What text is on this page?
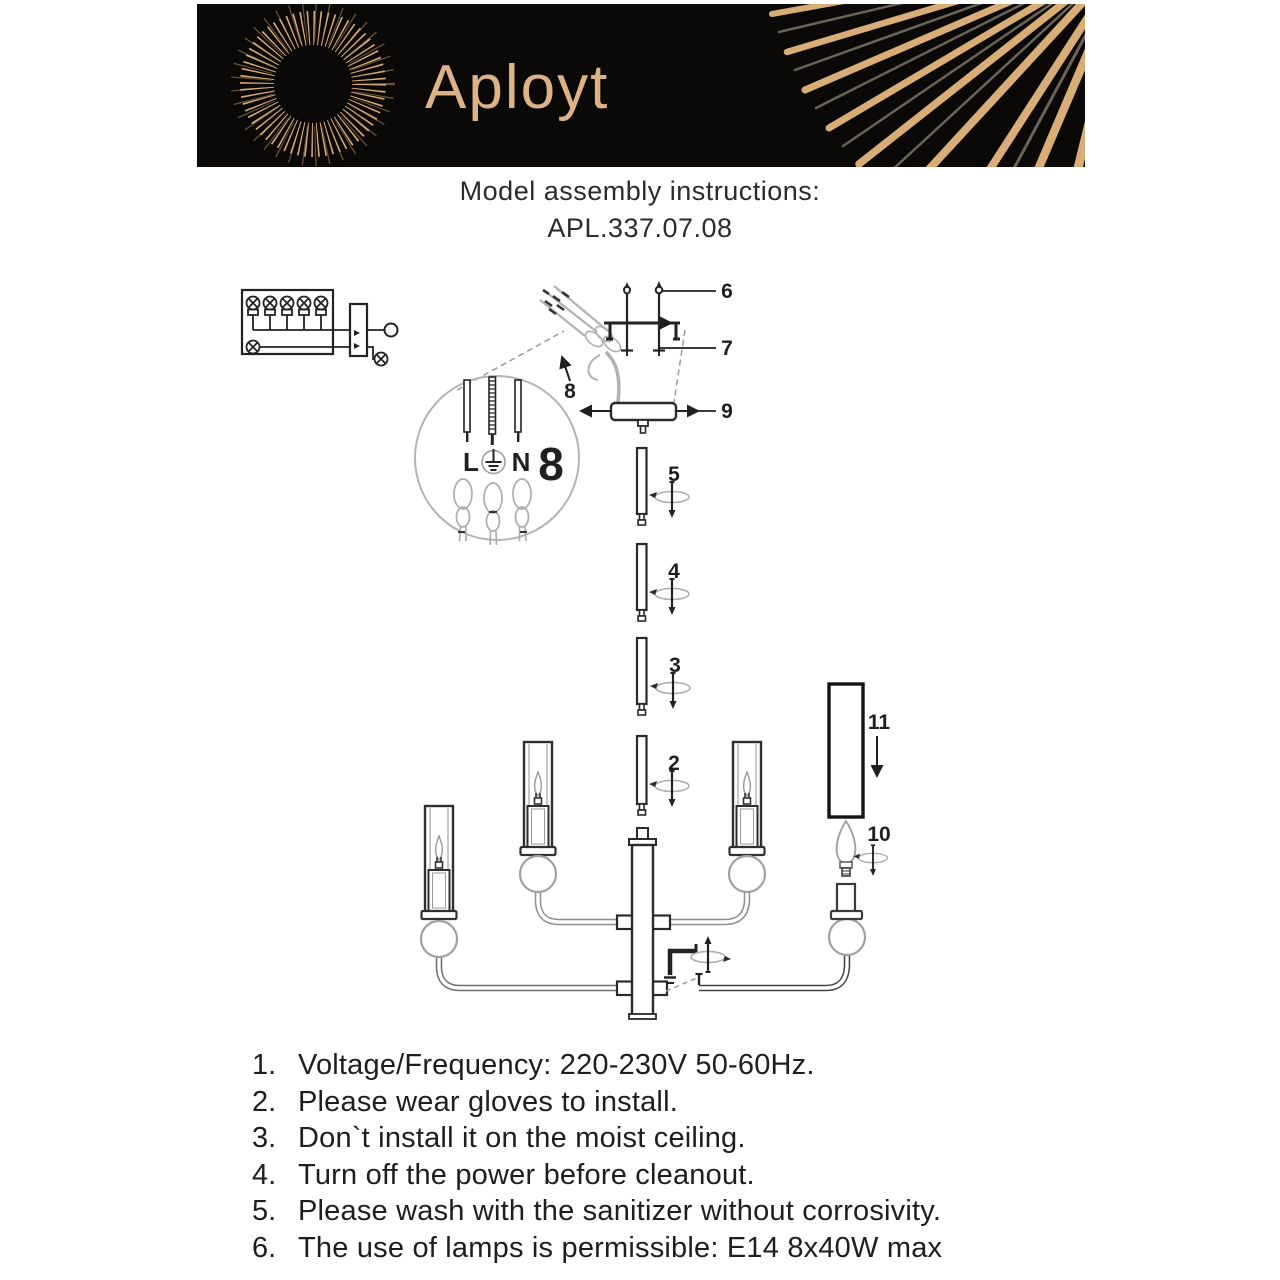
Aployt
Model assembly instructions:
APL.337.07.08
8
6
7
9
L N 8	5
4
3
2
11
10
1. Voltage/Frequency: 220-230V 50-60Hz.
2. Please wear gloves to install.
3. Don`t install it on the moist ceiling.
4. Turn off the power before cleanout.
5. Please wash with the sanitizer without corrosivity.
6. The use of lamps is permissible: E14 8x40W max
